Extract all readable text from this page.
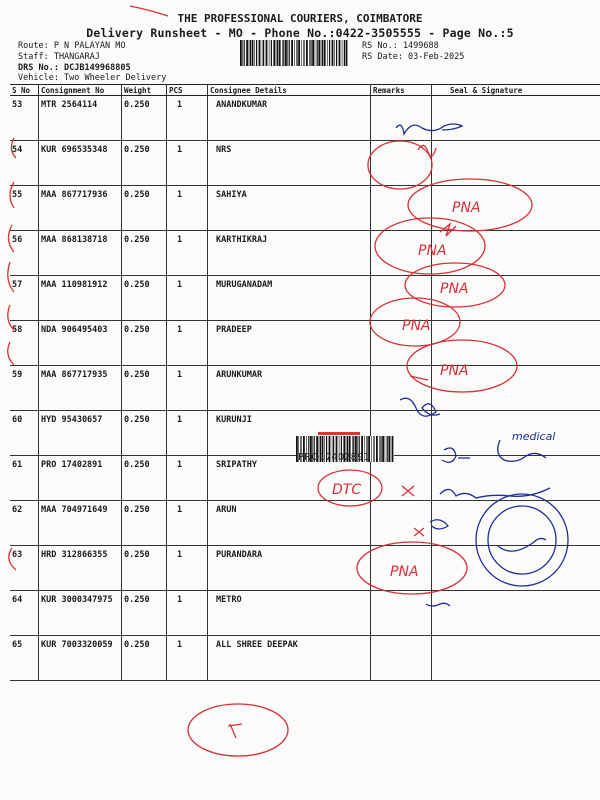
THE PROFESSIONAL COURIERS, COIMBATORE
Delivery Runsheet - MO - Phone No.:0422-3505555 - Page No.:5
Route: P N PALAYAN MO
Staff: THANGARAJ
DRS No.: DCJB149968805
Vehicle: Two Wheeler Delivery
RS No.: 1499688
RS Date: 03-Feb-2025
S No	Consignment No	Weight	PCS	Consignee Details	Remarks	Seal & Signature
53	MTR 2564114	0.250	1	ANANDKUMAR		
54	KUR 696535348	0.250	1	NRS		
55	MAA 867717936	0.250	1	SAHIYA		
56	MAA 868138718	0.250	1	KARTHIKRAJ		
57	MAA 110981912	0.250	1	MURUGANADAM		
58	NDA 906495403	0.250	1	PRADEEP		
59	MAA 867717935	0.250	1	ARUNKUMAR		
60	HYD 95430657	0.250	1	KURUNJI		
61	PRO 17402891	0.250	1	SRIPATHY		
62	MAA 704971649	0.250	1	ARUN		
63	HRD 312866355	0.250	1	PURANDARA		
64	KUR 3000347975	0.250	1	METRO		
65	KUR 7003320059	0.250	1	ALL SHREE DEEPAK		
PRO17402891
PNA
PNA
PNA
PNA
PNA
DTC
PNA
medical
